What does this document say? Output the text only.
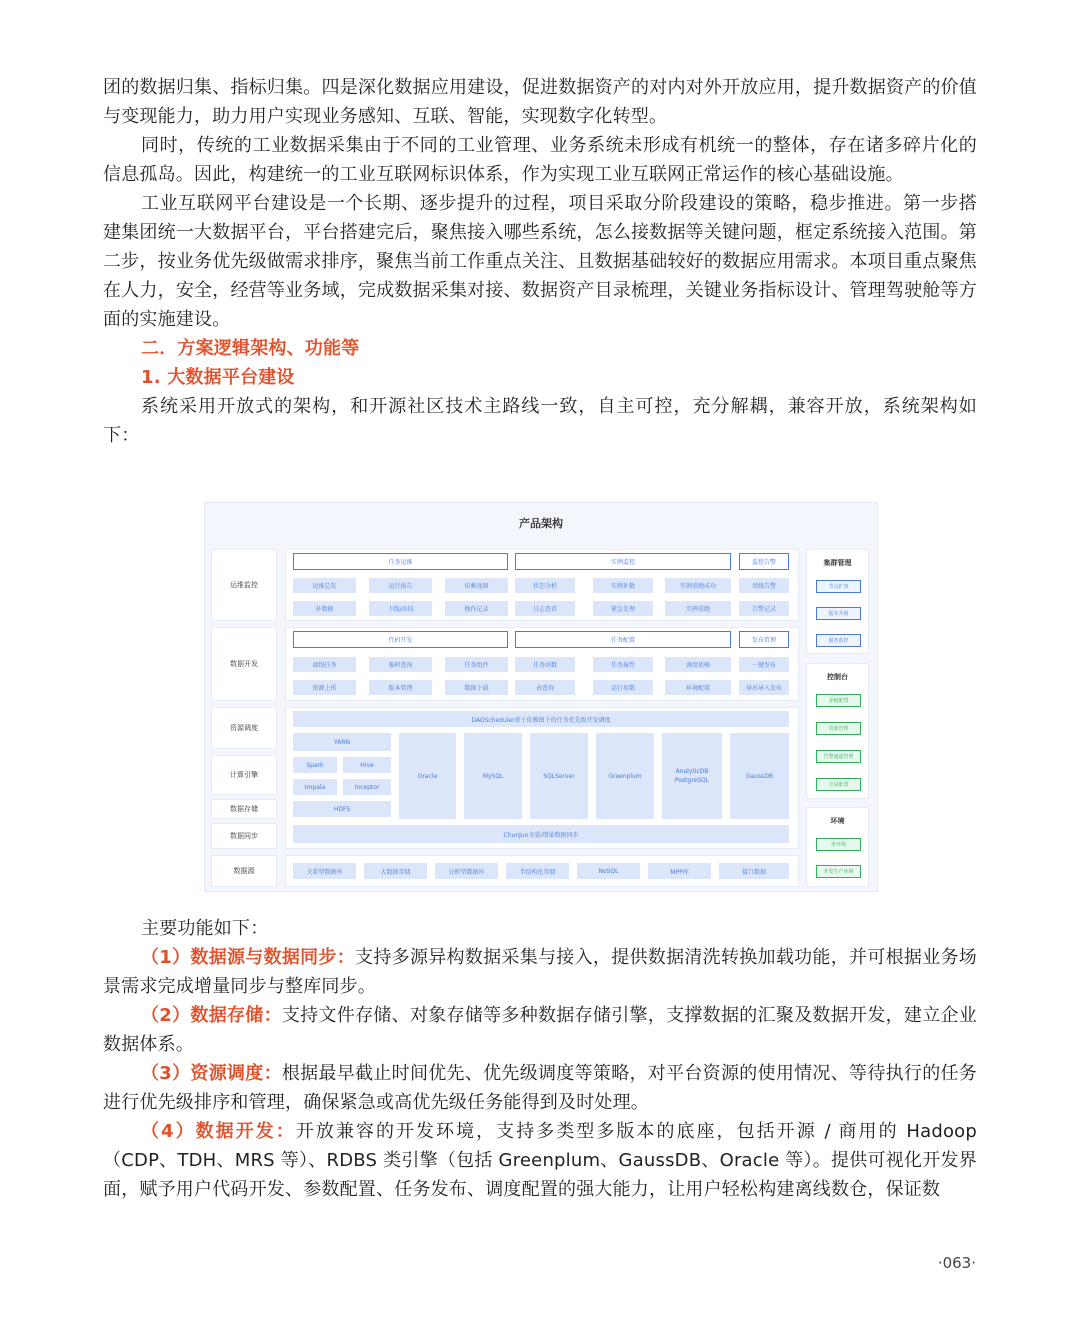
团的数据归集、指标归集。四是深化数据应用建设，促进数据资产的对内对外开放应用，提升数据资产的价值与变现能力，助力用户实现业务感知、互联、智能，实现数字化转型。

同时，传统的工业数据采集由于不同的工业管理、业务系统未形成有机统一的整体，存在诸多碎片化的信息孤岛。因此，构建统一的工业互联网标识体系，作为实现工业互联网正常运作的核心基础设施。

工业互联网平台建设是一个长期、逐步提升的过程，项目采取分阶段建设的策略，稳步推进。第一步搭建集团统一大数据平台，平台搭建完后，聚焦接入哪些系统，怎么接数据等关键问题，框定系统接入范围。第二步，按业务优先级做需求排序，聚焦当前工作重点关注、且数据基础较好的数据应用需求。本项目重点聚焦在人力，安全，经营等业务域，完成数据采集对接、数据资产目录梳理，关键业务指标设计、管理驾驶舱等方面的实施建设。

二．方案逻辑架构、功能等

1. 大数据平台建设

系统采用开放式的架构，和开源社区技术主路线一致，自主可控，充分解耦，兼容开放，系统架构如下：

产品架构
运维监控
数据开发
资源调度
计算引擎
数据存储
数据同步
数据源
任务运维	实例监控	监控告警
运维总览	运行报告	依赖视图	状态分析	实例补数	实例重跑成功	基线告警
补数据	下线/冻结	操作记录	日志查看	紧急处理	实例重跑	告警记录
代码开发	任务配置	发布管理
离线任务	临时查询	任务组件	任务函数	任务属性	调度依赖	一键发布
资源上传	版本管理	数据下载	表查询	运行参数	环境配置	导出导入发布
DAGScheduler基于依赖图下的任务优先级开发调度
YARN
Spark	Hive
Impala	Inceptor
HDFS
Oracle	MySQL	SQLServer	Greenplum
AnalyticDB PostgreSQL
GaussDB
ChunJun全量/增量数据同步
关系型数据库	大数据存储	分析型数据库	半结构化存储	NoSQL	MPP库	接口数据
集群管理
节点扩容
版本升级
服务监控
控制台
多租配置
资源管理
告警通道管理
全局配置
环境
单环境
开发生产环境

主要功能如下：

（1）数据源与数据同步：支持多源异构数据采集与接入，提供数据清洗转换加载功能，并可根据业务场景需求完成增量同步与整库同步。

（2）数据存储：支持文件存储、对象存储等多种数据存储引擎，支撑数据的汇聚及数据开发，建立企业数据体系。

（3）资源调度：根据最早截止时间优先、优先级调度等策略，对平台资源的使用情况、等待执行的任务进行优先级排序和管理，确保紧急或高优先级任务能得到及时处理。

（4）数据开发：开放兼容的开发环境，支持多类型多版本的底座，包括开源 / 商用的 Hadoop（CDP、TDH、MRS 等）、RDBS 类引擎（包括 Greenplum、GaussDB、Oracle 等）。提供可视化开发界面，赋予用户代码开发、参数配置、任务发布、调度配置的强大能力，让用户轻松构建离线数仓，保证数

·063·
